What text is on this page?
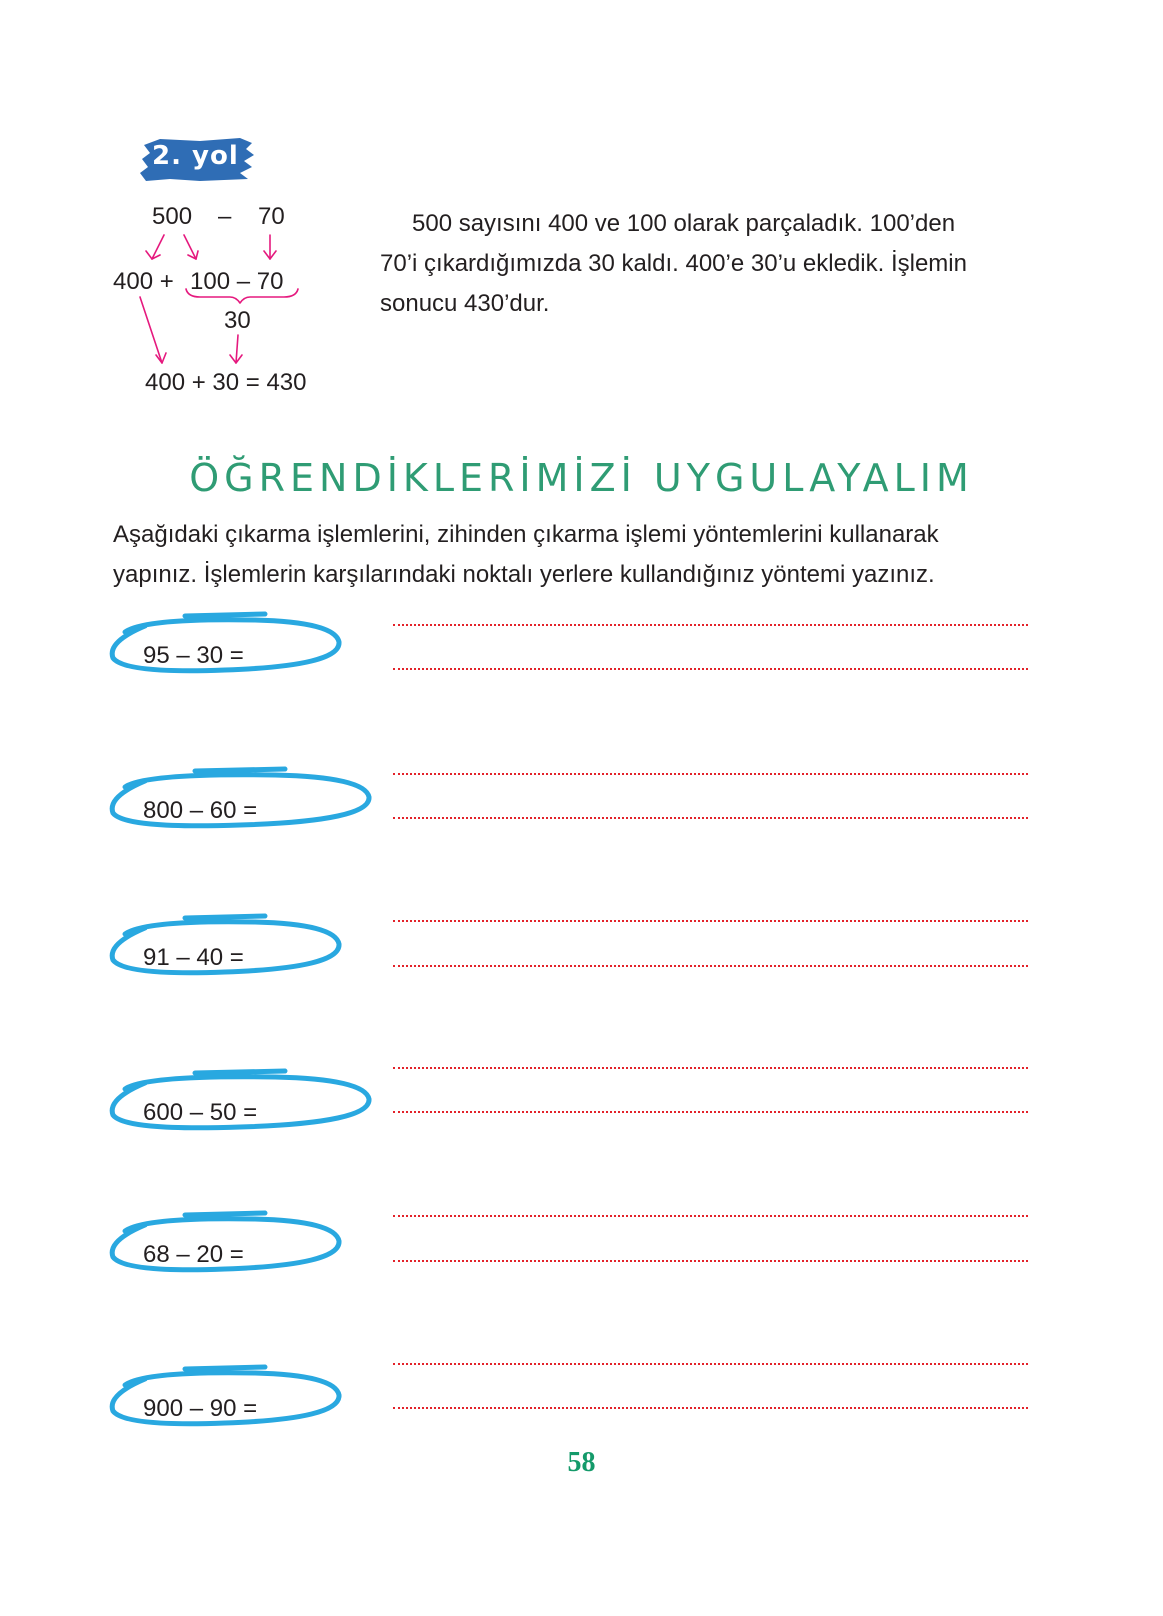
2. yol
500 – 70
400 + 100 – 70
30
400 + 30 = 430
500 sayısını 400 ve 100 olarak parçaladık. 100’den
70’i çıkardığımızda 30 kaldı. 400’e 30’u ekledik. İşlemin
sonucu 430’dur.
ÖĞRENDİKLERİMİZİ UYGULAYALIM
Aşağıdaki çıkarma işlemlerini, zihinden çıkarma işlemi yöntemlerini kullanarak
yapınız. İşlemlerin karşılarındaki noktalı yerlere kullandığınız yöntemi yazınız.
95 – 30 =
800 – 60 =
91 – 40 =
600 – 50 =
68 – 20 =
900 – 90 =
58
